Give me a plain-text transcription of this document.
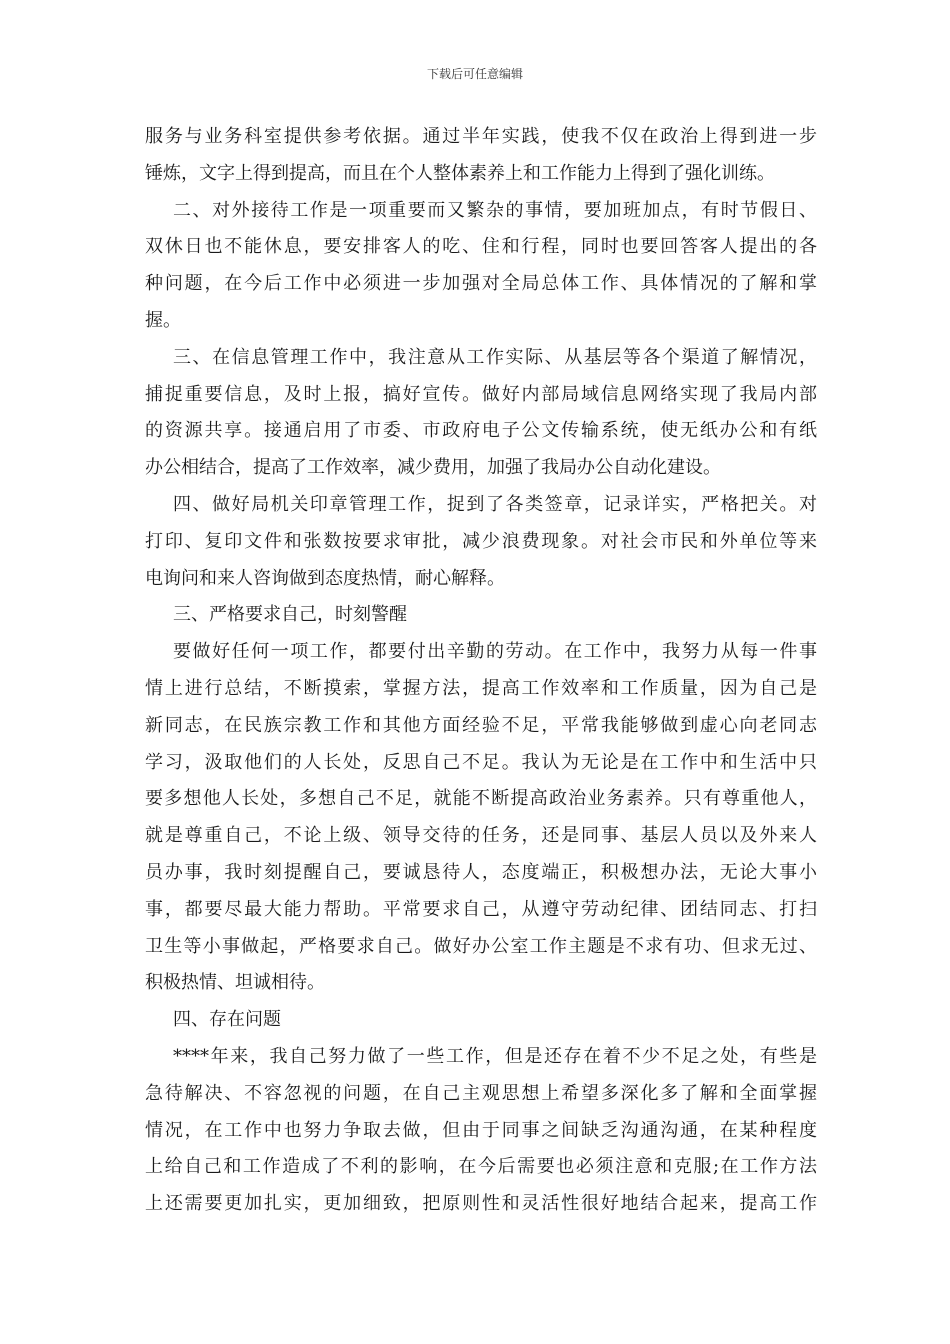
下载后可任意编辑
服务与业务科室提供参考依据。通过半年实践，使我不仅在政治上得到进一步
锤炼，文字上得到提高，而且在个人整体素养上和工作能力上得到了强化训练。
二、对外接待工作是一项重要而又繁杂的事情，要加班加点，有时节假日、
双休日也不能休息，要安排客人的吃、住和行程，同时也要回答客人提出的各
种问题，在今后工作中必须进一步加强对全局总体工作、具体情况的了解和掌
握。
三、在信息管理工作中，我注意从工作实际、从基层等各个渠道了解情况，
捕捉重要信息，及时上报，搞好宣传。做好内部局域信息网络实现了我局内部
的资源共享。接通启用了市委、市政府电子公文传输系统，使无纸办公和有纸
办公相结合，提高了工作效率，减少费用，加强了我局办公自动化建设。
四、做好局机关印章管理工作，捉到了各类签章，记录详实，严格把关。对
打印、复印文件和张数按要求审批，减少浪费现象。对社会市民和外单位等来
电询问和来人咨询做到态度热情，耐心解释。
三、严格要求自己，时刻警醒
要做好任何一项工作，都要付出辛勤的劳动。在工作中，我努力从每一件事
情上进行总结，不断摸索，掌握方法，提高工作效率和工作质量，因为自己是
新同志，在民族宗教工作和其他方面经验不足，平常我能够做到虚心向老同志
学习，汲取他们的人长处，反思自己不足。我认为无论是在工作中和生活中只
要多想他人长处，多想自己不足，就能不断提高政治业务素养。只有尊重他人，
就是尊重自己，不论上级、领导交待的任务，还是同事、基层人员以及外来人
员办事，我时刻提醒自己，要诚恳待人，态度端正，积极想办法，无论大事小
事，都要尽最大能力帮助。平常要求自己，从遵守劳动纪律、团结同志、打扫
卫生等小事做起，严格要求自己。做好办公室工作主题是不求有功、但求无过、
积极热情、坦诚相待。
四、存在问题
****年来，我自己努力做了一些工作，但是还存在着不少不足之处，有些是
急待解决、不容忽视的问题，在自己主观思想上希望多深化多了解和全面掌握
情况，在工作中也努力争取去做，但由于同事之间缺乏沟通沟通，在某种程度
上给自己和工作造成了不利的影响，在今后需要也必须注意和克服;在工作方法
上还需要更加扎实，更加细致，把原则性和灵活性很好地结合起来，提高工作
